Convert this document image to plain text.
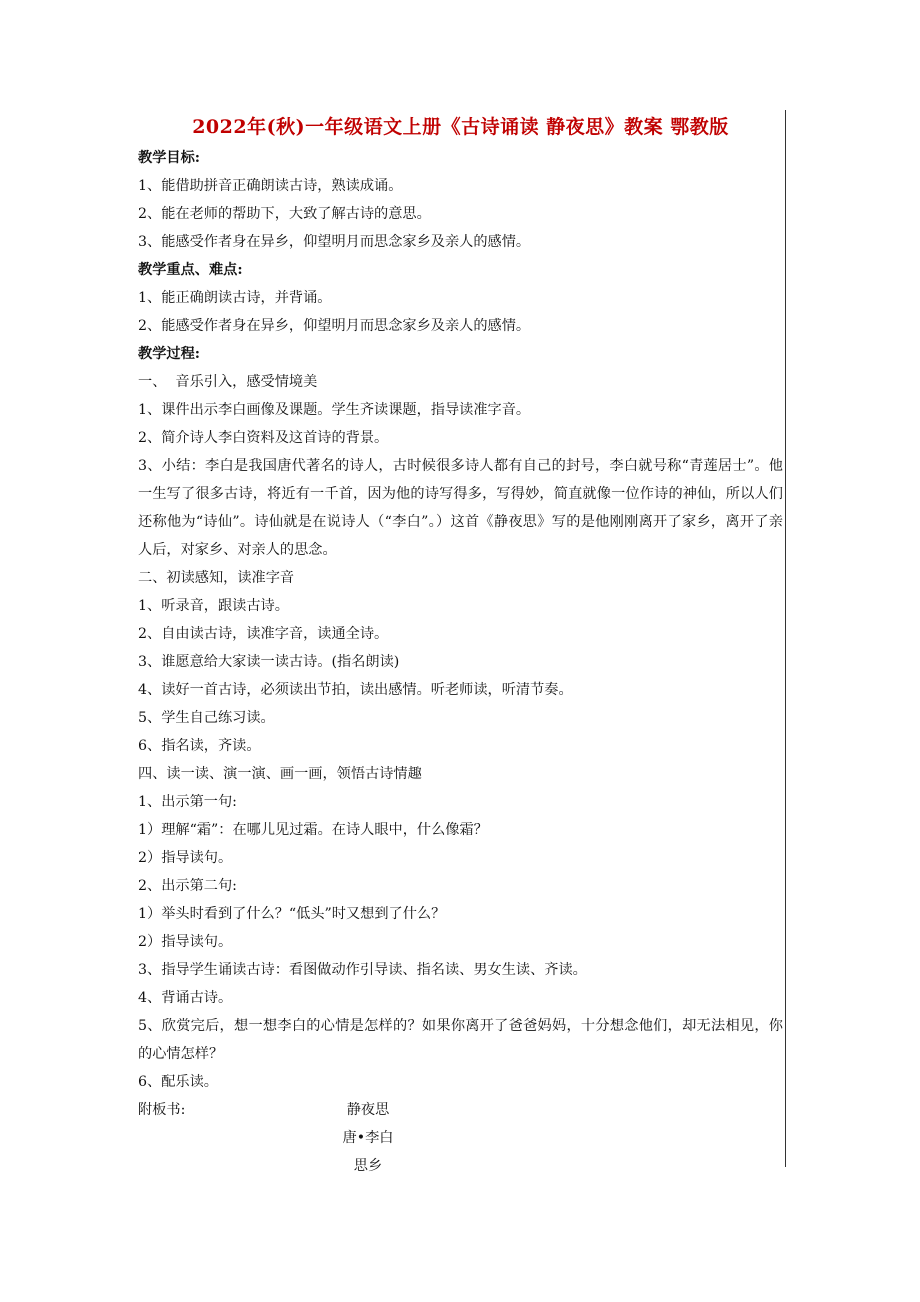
2022年(秋)一年级语文上册《古诗诵读 静夜思》教案 鄂教版
教学目标:
1、能借助拼音正确朗读古诗，熟读成诵。
2、能在老师的帮助下，大致了解古诗的意思。
3、能感受作者身在异乡，仰望明月而思念家乡及亲人的感情。
教学重点、难点:
1、能正确朗读古诗，并背诵。
2、能感受作者身在异乡，仰望明月而思念家乡及亲人的感情。
教学过程:
一、  音乐引入，感受情境美
1、课件出示李白画像及课题。学生齐读课题，指导读准字音。
2、简介诗人李白资料及这首诗的背景。
3、小结：李白是我国唐代著名的诗人，古时候很多诗人都有自己的封号，李白就号称“青莲居士”。他一生写了很多古诗，将近有一千首，因为他的诗写得多，写得妙，简直就像一位作诗的神仙，所以人们还称他为“诗仙”。诗仙就是在说诗人（“李白”。）这首《静夜思》写的是他刚刚离开了家乡，离开了亲人后，对家乡、对亲人的思念。
二、初读感知，读准字音
1、听录音，跟读古诗。
2、自由读古诗，读准字音，读通全诗。
3、谁愿意给大家读一读古诗。(指名朗读)
4、读好一首古诗，必须读出节拍，读出感情。听老师读，听清节奏。
5、学生自己练习读。
6、指名读，齐读。
四、读一读、演一演、画一画，领悟古诗情趣
1、出示第一句:
1）理解“霜”：在哪儿见过霜。在诗人眼中，什么像霜？
2）指导读句。
2、出示第二句:
1）举头时看到了什么？“低头”时又想到了什么？
2）指导读句。
3、指导学生诵读古诗：看图做动作引导读、指名读、男女生读、齐读。
4、背诵古诗。
5、欣赏完后，想一想李白的心情是怎样的？如果你离开了爸爸妈妈，十分想念他们，却无法相见，你的心情怎样？
6、配乐读。
附板书:	静夜思
唐•李白
思乡
